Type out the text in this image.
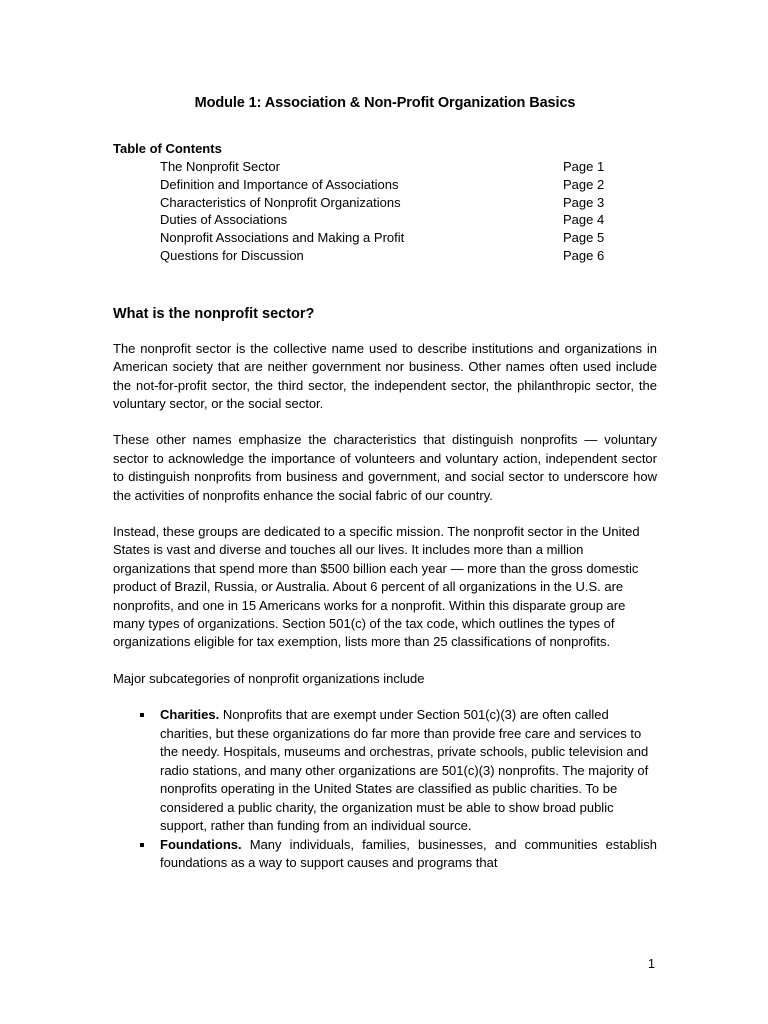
Module 1: Association & Non-Profit Organization Basics
Table of Contents
The Nonprofit Sector	Page 1
Definition and Importance of Associations	Page 2
Characteristics of Nonprofit Organizations	Page 3
Duties of Associations	Page 4
Nonprofit Associations and Making a Profit	Page 5
Questions for Discussion	Page 6
What is the nonprofit sector?

The nonprofit sector is the collective name used to describe institutions and organizations in American society that are neither government nor business. Other names often used include the not-for-profit sector, the third sector, the independent sector, the philanthropic sector, the voluntary sector, or the social sector.

These other names emphasize the characteristics that distinguish nonprofits — voluntary sector to acknowledge the importance of volunteers and voluntary action, independent sector to distinguish nonprofits from business and government, and social sector to underscore how the activities of nonprofits enhance the social fabric of our country.

Instead, these groups are dedicated to a specific mission. The nonprofit sector in the United States is vast and diverse and touches all our lives. It includes more than a million organizations that spend more than $500 billion each year — more than the gross domestic product of Brazil, Russia, or Australia. About 6 percent of all organizations in the U.S. are nonprofits, and one in 15 Americans works for a nonprofit. Within this disparate group are many types of organizations. Section 501(c) of the tax code, which outlines the types of organizations eligible for tax exemption, lists more than 25 classifications of nonprofits.

Major subcategories of nonprofit organizations include

Charities. Nonprofits that are exempt under Section 501(c)(3) are often called charities, but these organizations do far more than provide free care and services to the needy. Hospitals, museums and orchestras, private schools, public television and radio stations, and many other organizations are 501(c)(3) nonprofits. The majority of nonprofits operating in the United States are classified as public charities. To be considered a public charity, the organization must be able to show broad public support, rather than funding from an individual source.
Foundations. Many individuals, families, businesses, and communities establish foundations as a way to support causes and programs that
1
